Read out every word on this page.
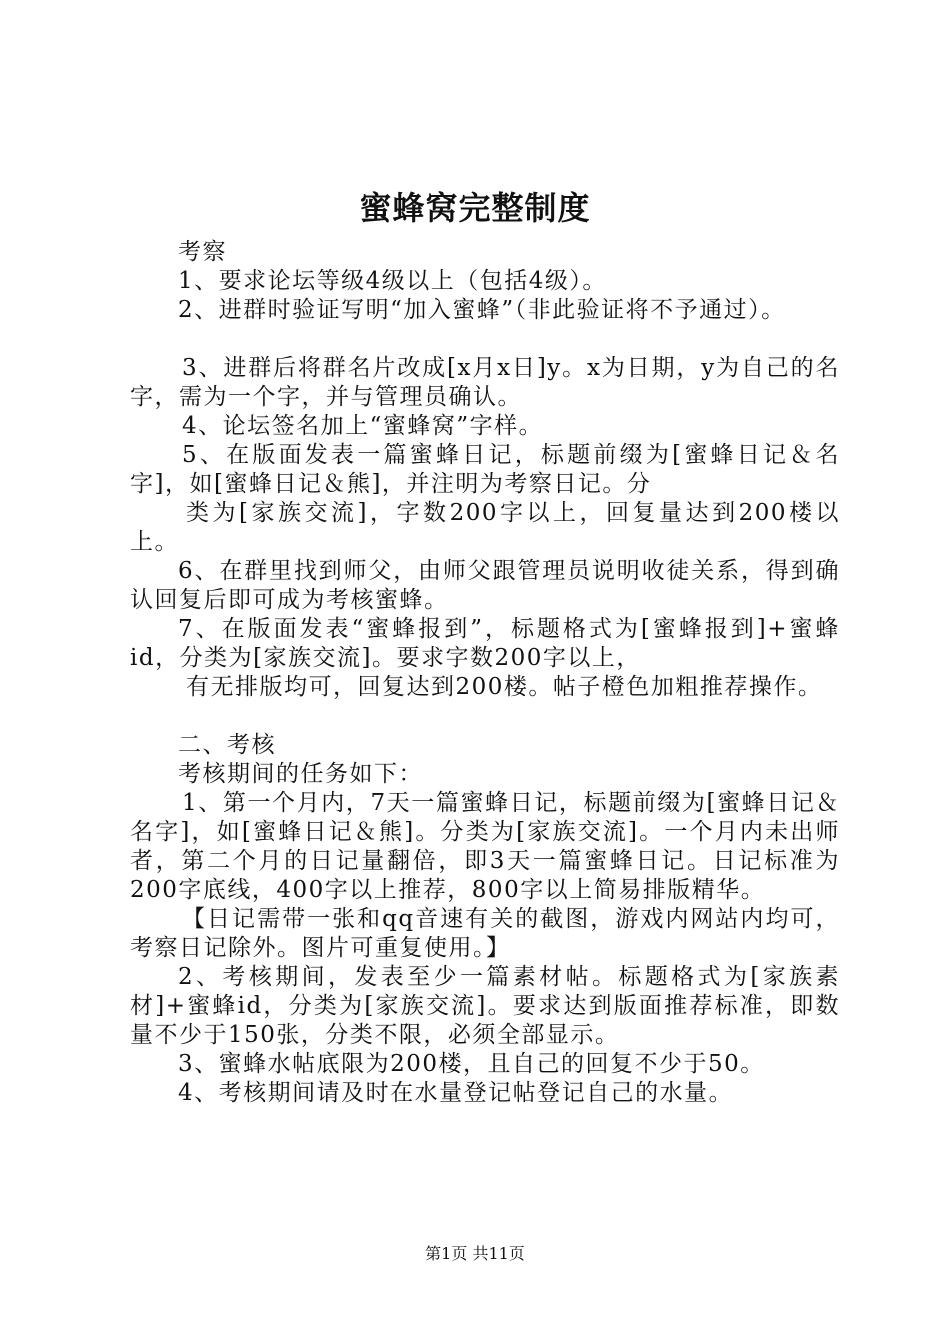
蜜蜂窝完整制度

考察

1、要求论坛等级4级以上（包括4级）。

2、进群时验证写明“加入蜜蜂”（非此验证将不予通过）。

3、进群后将群名片改成[x月x日]y。x为日期，y为自己的名字，需为一个字，并与管理员确认。

4、论坛签名加上“蜜蜂窝”字样。

5、在版面发表一篇蜜蜂日记，标题前缀为[蜜蜂日记＆名字]，如[蜜蜂日记＆熊]，并注明为考察日记。分

类为[家族交流]，字数200字以上，回复量达到200楼以上。

6、在群里找到师父，由师父跟管理员说明收徒关系，得到确认回复后即可成为考核蜜蜂。

7、在版面发表“蜜蜂报到”，标题格式为[蜜蜂报到]+蜜蜂id，分类为[家族交流]。要求字数200字以上，

有无排版均可，回复达到200楼。帖子橙色加粗推荐操作。

二、考核

考核期间的任务如下：

1、第一个月内，7天一篇蜜蜂日记，标题前缀为[蜜蜂日记＆名字]，如[蜜蜂日记＆熊]。分类为[家族交流]。一个月内未出师者，第二个月的日记量翻倍，即3天一篇蜜蜂日记。日记标准为200字底线，400字以上推荐，800字以上简易排版精华。

【日记需带一张和qq音速有关的截图，游戏内网站内均可，考察日记除外。图片可重复使用。】

2、考核期间，发表至少一篇素材帖。标题格式为[家族素材]+蜜蜂id，分类为[家族交流]。要求达到版面推荐标准，即数量不少于150张，分类不限，必须全部显示。

3、蜜蜂水帖底限为200楼，且自己的回复不少于50。

4、考核期间请及时在水量登记帖登记自己的水量。

第1页 共11页
